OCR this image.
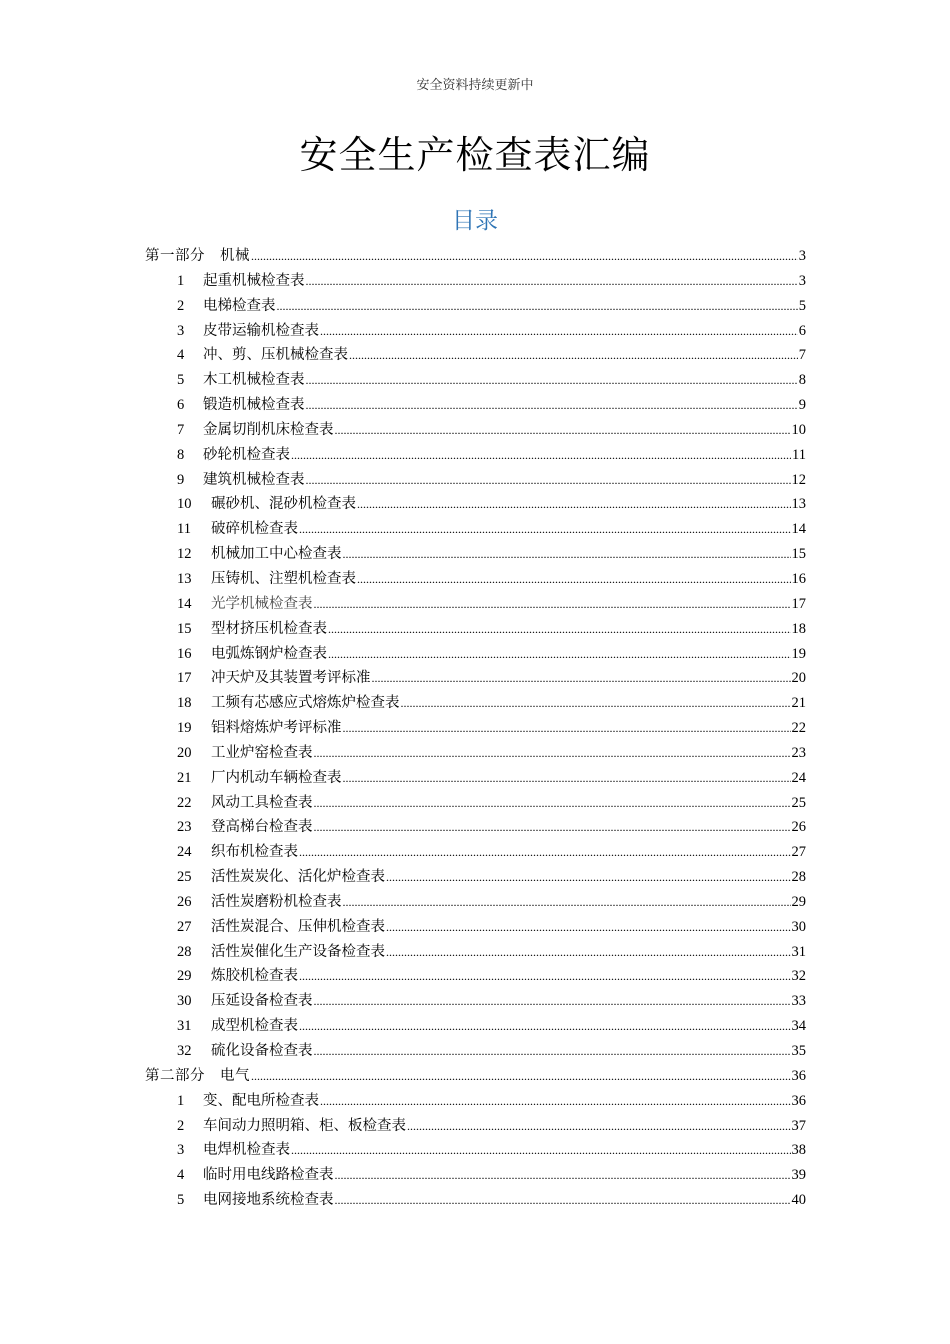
安全资料持续更新中
安全生产检查表汇编
目录
第一部分　机械 .....	3
1	起重机械检查表 .....	3
2	电梯检查表 .....	5
3	皮带运输机检查表 .....	6
4	冲、剪、压机械检查表 .....	7
5	木工机械检查表 .....	8
6	锻造机械检查表 .....	9
7	金属切削机床检查表 .....	10
8	砂轮机检查表 .....	11
9	建筑机械检查表 .....	12
10	碾砂机、混砂机检查表 .....	13
11	破碎机检查表 .....	14
12	机械加工中心检查表 .....	15
13	压铸机、注塑机检查表 .....	16
14	光学机械检查表 .....	17
15	型材挤压机检查表 .....	18
16	电弧炼钢炉检查表 .....	19
17	冲天炉及其装置考评标准 .....	20
18	工频有芯感应式熔炼炉检查表 .....	21
19	铝料熔炼炉考评标准 .....	22
20	工业炉窑检查表 .....	23
21	厂内机动车辆检查表 .....	24
22	风动工具检查表 .....	25
23	登高梯台检查表 .....	26
24	织布机检查表 .....	27
25	活性炭炭化、活化炉检查表 .....	28
26	活性炭磨粉机检查表 .....	29
27	活性炭混合、压伸机检查表 .....	30
28	活性炭催化生产设备检查表 .....	31
29	炼胶机检查表 .....	32
30	压延设备检查表 .....	33
31	成型机检查表 .....	34
32	硫化设备检查表 .....	35
第二部分　电气 .....	36
1	变、配电所检查表 .....	36
2	车间动力照明箱、柜、板检查表 .....	37
3	电焊机检查表 .....	38
4	临时用电线路检查表 .....	39
5	电网接地系统检查表 .....	40
